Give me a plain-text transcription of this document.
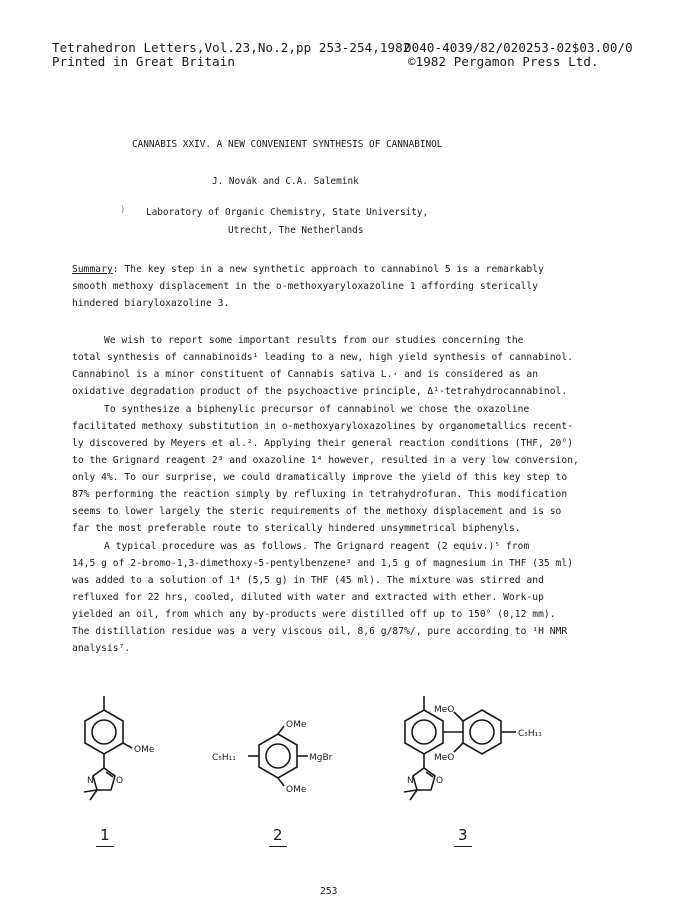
Tetrahedron Letters,Vol.23,No.2,pp 253-254,1982
Printed in Great Britain
0040-4039/82/020253-02$03.00/0
©1982 Pergamon Press Ltd.
CANNABIS XXIV. A NEW CONVENIENT SYNTHESIS OF CANNABINOL
J. Novák and C.A. Salemink
) Laboratory of Organic Chemistry, State University,
Utrecht, The Netherlands
Summary: The key step in a new synthetic approach to cannabinol 5 is a remarkably
smooth methoxy displacement in the o-methoxyaryloxazoline 1 affording sterically
hindered biaryloxazoline 3.
We wish to report some important results from our studies concerning the
total synthesis of cannabinoids¹ leading to a new, high yield synthesis of cannabinol.
Cannabinol is a minor constituent of Cannabis sativa L.· and is considered as an
oxidative degradation product of the psychoactive principle, Δ¹-tetrahydrocannabinol.
To synthesize a biphenylic precursor of cannabinol we chose the oxazoline
facilitated methoxy substitution in o-methoxyaryloxazolines by organometallics recent-
ly discovered by Meyers et al.². Applying their general reaction conditions (THF, 20°)
to the Grignard reagent 2³ and oxazoline 1⁴ however, resulted in a very low conversion,
only 4%. To our surprise, we could dramatically improve the yield of this key step to
87% performing the reaction simply by refluxing in tetrahydrofuran. This modification
seems to lower largely the steric requirements of the methoxy displacement and is so
far the most preferable route to sterically hindered unsymmetrical biphenyls.
A typical procedure was as follows. The Grignard reagent (2 equiv.)⁵ from
14,5 g of 2-bromo-1,3-dimethoxy-5-pentylbenzene³ and 1,5 g of magnesium in THF (35 ml)
was added to a solution of 1⁴ (5,5 g) in THF (45 ml). The mixture was stirred and
refluxed for 22 hrs, cooled, diluted with water and extracted with ether. Work-up
yielded an oil, from which any by-products were distilled off up to 150° (0,12 mm).
The distillation residue was a very viscous oil, 8,6 g/87%/, pure according to ¹H NMR
analysis⁷.
OMe
N O
1
OMe
OMe
C₅H₁₁	MgBr
2
MeO
MeO
C₅H₁₁
N O
3
253
